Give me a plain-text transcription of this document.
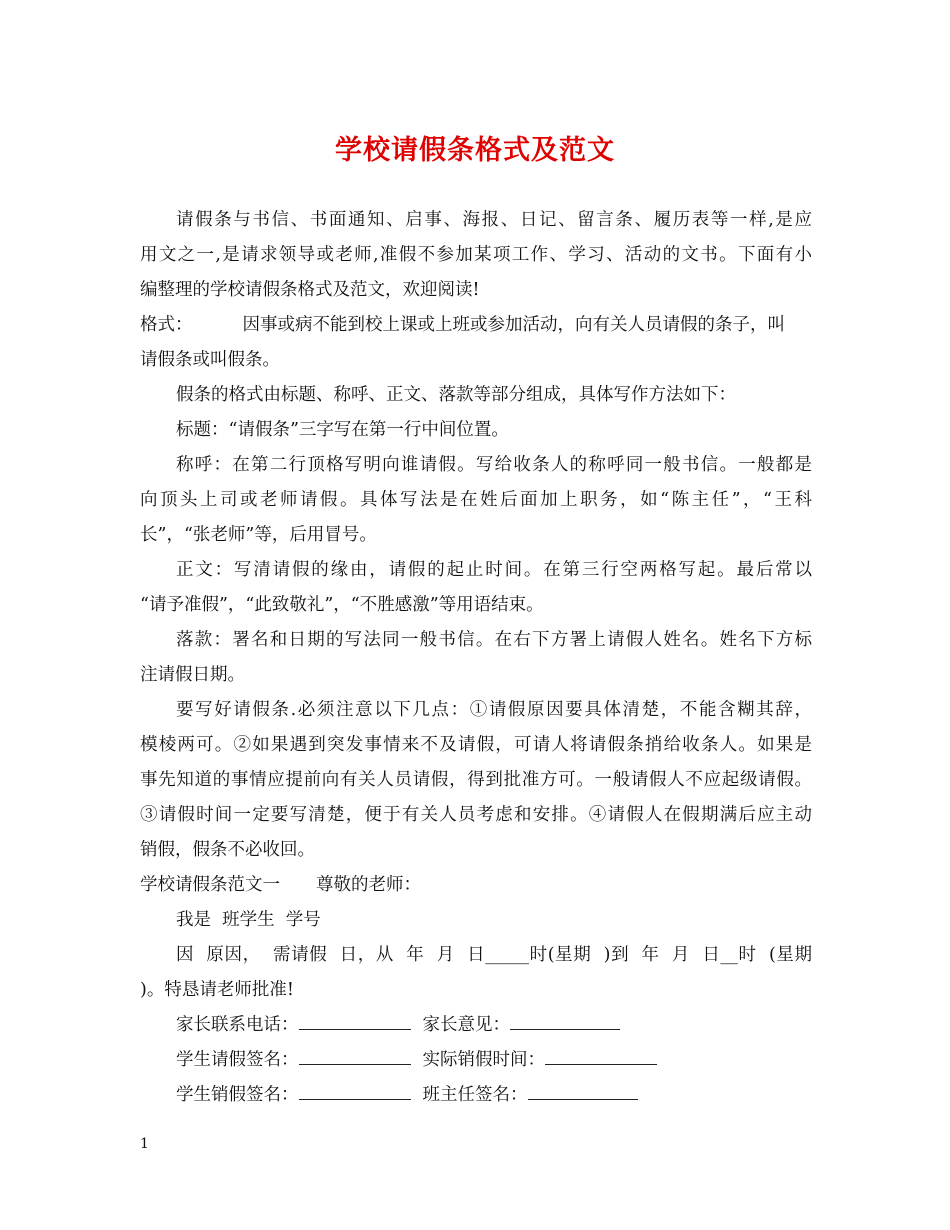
学校请假条格式及范文
请假条与书信、书面通知、启事、海报、日记、留言条、履历表等一样,是应
用文之一,是请求领导或老师,准假不参加某项工作、学习、活动的文书。下面有小
编整理的学校请假条格式及范文，欢迎阅读!
格式：	因事或病不能到校上课或上班或参加活动，向有关人员请假的条子，叫
请假条或叫假条。
假条的格式由标题、称呼、正文、落款等部分组成，具体写作方法如下：
标题：“请假条”三字写在第一行中间位置。
称呼：在第二行顶格写明向谁请假。写给收条人的称呼同一般书信。一般都是
向顶头上司或老师请假。具体写法是在姓后面加上职务，如“陈主任”，“王科
长”，“张老师”等，后用冒号。
正文：写清请假的缘由，请假的起止时间。在第三行空两格写起。最后常以
“请予准假”，“此致敬礼”，“不胜感激”等用语结束。
落款：署名和日期的写法同一般书信。在右下方署上请假人姓名。姓名下方标
注请假日期。
要写好请假条.必须注意以下几点：①请假原因要具体清楚，不能含糊其辞，
模棱两可。②如果遇到突发事情来不及请假，可请人将请假条捎给收条人。如果是
事先知道的事情应提前向有关人员请假，得到批准方可。一般请假人不应起级请假。
③请假时间一定要写清楚，便于有关人员考虑和安排。④请假人在假期满后应主动
销假，假条不必收回。
学校请假条范文一 尊敬的老师：
我是  班学生  学号
因  原因，  需请假  日，从  年  月  日_____时(星期  )到  年  月  日__时  (星期
)。特恳请老师批准!
家长联系电话：	家长意见：
学生请假签名：	实际销假时间：
学生销假签名：	班主任签名：
1
